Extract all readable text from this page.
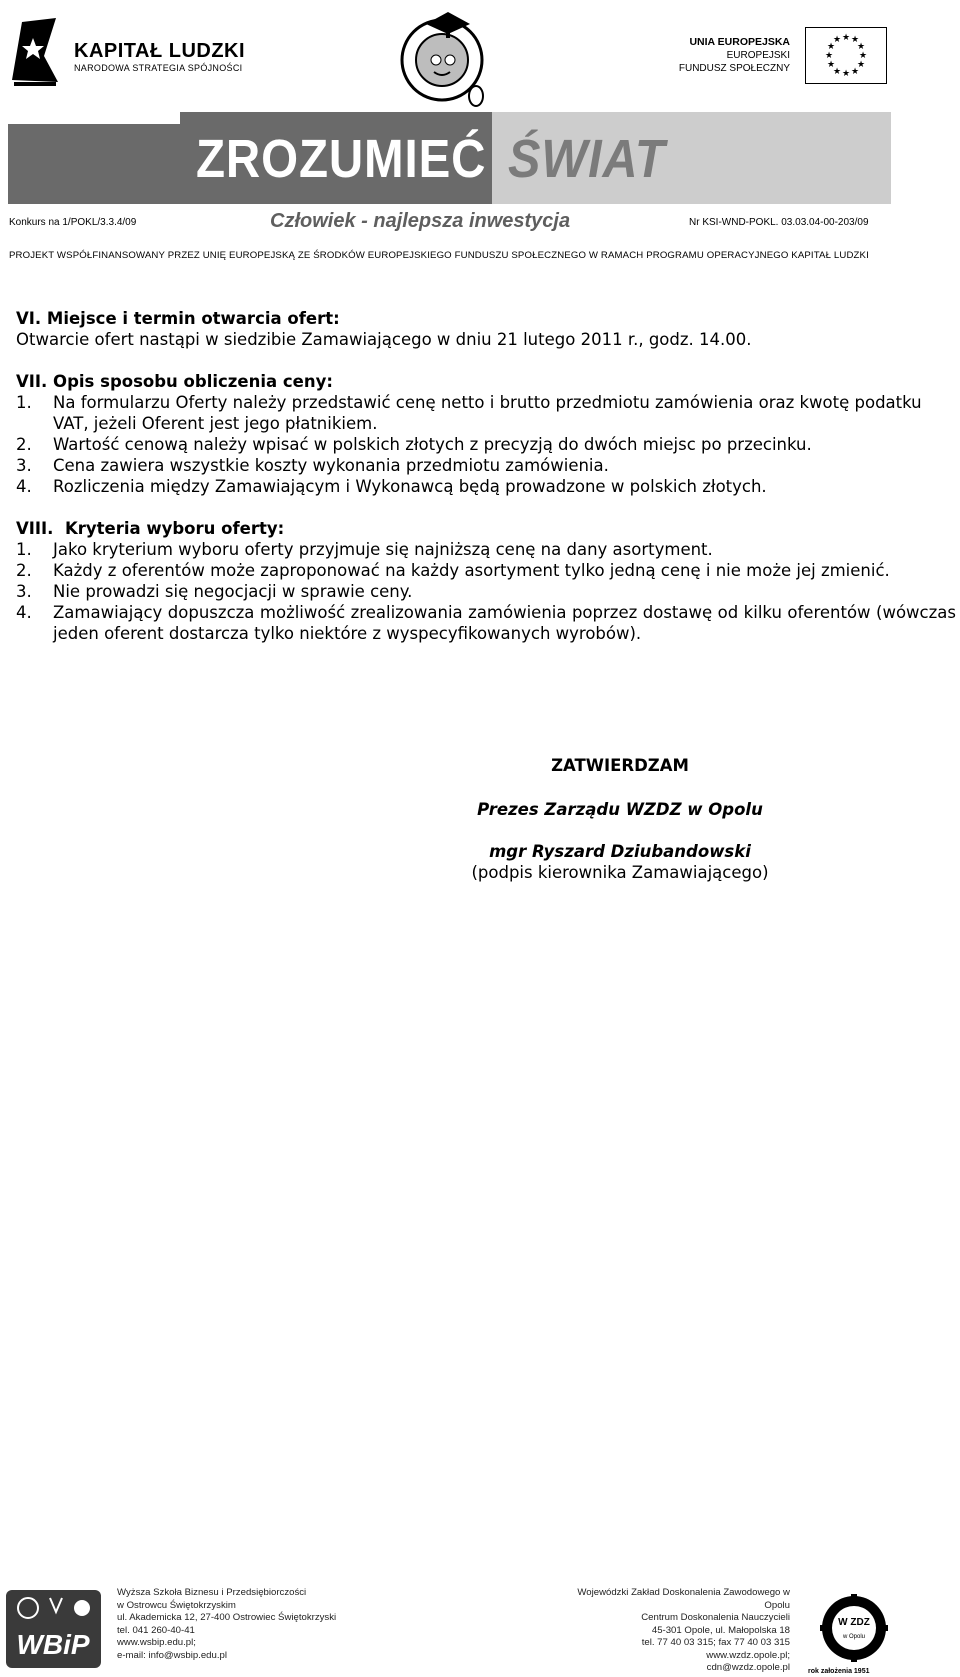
KAPITAŁ LUDZKI
NARODOWA STRATEGIA SPÓJNOŚCI
UNIA EUROPEJSKA
EUROPEJSKI
FUNDUSZ SPOŁECZNY
★ ★
★
★
★
★
★
★
★
★
★
★
ZROZUMIEĆ ŚWIAT
Konkurs na 1/POKL/3.3.4/09	Człowiek - najlepsza inwestycja	Nr KSI-WND-POKL. 03.03.04-00-203/09
PROJEKT WSPÓŁFINANSOWANY PRZEZ UNIĘ EUROPEJSKĄ ZE ŚRODKÓW EUROPEJSKIEGO FUNDUSZU SPOŁECZNEGO W RAMACH PROGRAMU OPERACYJNEGO KAPITAŁ LUDZKI
VI. Miejsce i termin otwarcia ofert:
Otwarcie ofert nastąpi w siedzibie Zamawiającego w dniu 21 lutego 2011 r., godz. 14.00.
VII. Opis sposobu obliczenia ceny:
1. Na formularzu Oferty należy przedstawić cenę netto i brutto przedmiotu zamówienia oraz kwotę podatku VAT, jeżeli Oferent jest jego płatnikiem.
2. Wartość cenową należy wpisać w polskich złotych z precyzją do dwóch miejsc po przecinku.
3. Cena zawiera wszystkie koszty wykonania przedmiotu zamówienia.
4. Rozliczenia między Zamawiającym i Wykonawcą będą prowadzone w polskich złotych.
VIII.  Kryteria wyboru oferty:
1. Jako kryterium wyboru oferty przyjmuje się najniższą cenę na dany asortyment.
2. Każdy z oferentów może zaproponować na każdy asortyment tylko jedną cenę i nie może jej zmienić.
3. Nie prowadzi się negocjacji w sprawie ceny.
4. Zamawiający dopuszcza możliwość zrealizowania zamówienia poprzez dostawę od kilku oferentów (wówczas jeden oferent dostarcza tylko niektóre z wyspecyfikowanych wyrobów).
ZATWIERDZAM
Prezes Zarządu WZDZ w Opolu
mgr Ryszard Dziubandowski
(podpis kierownika Zamawiającego)
WBiP
Wyższa Szkoła Biznesu i Przedsiębiorczości
w Ostrowcu Świętokrzyskim
ul. Akademicka 12, 27-400 Ostrowiec Świętokrzyski
tel. 041 260-40-41
www.wsbip.edu.pl;
e-mail: info@wsbip.edu.pl
Wojewódzki Zakład Doskonalenia Zawodowego w Opolu
Centrum Doskonalenia Nauczycieli
45-301 Opole, ul. Małopolska 18
tel. 77 40 03 315; fax 77 40 03 315
www.wzdz.opole.pl;
cdn@wzdz.opole.pl
W ZDZ
w Opolu
rok założenia 1951
